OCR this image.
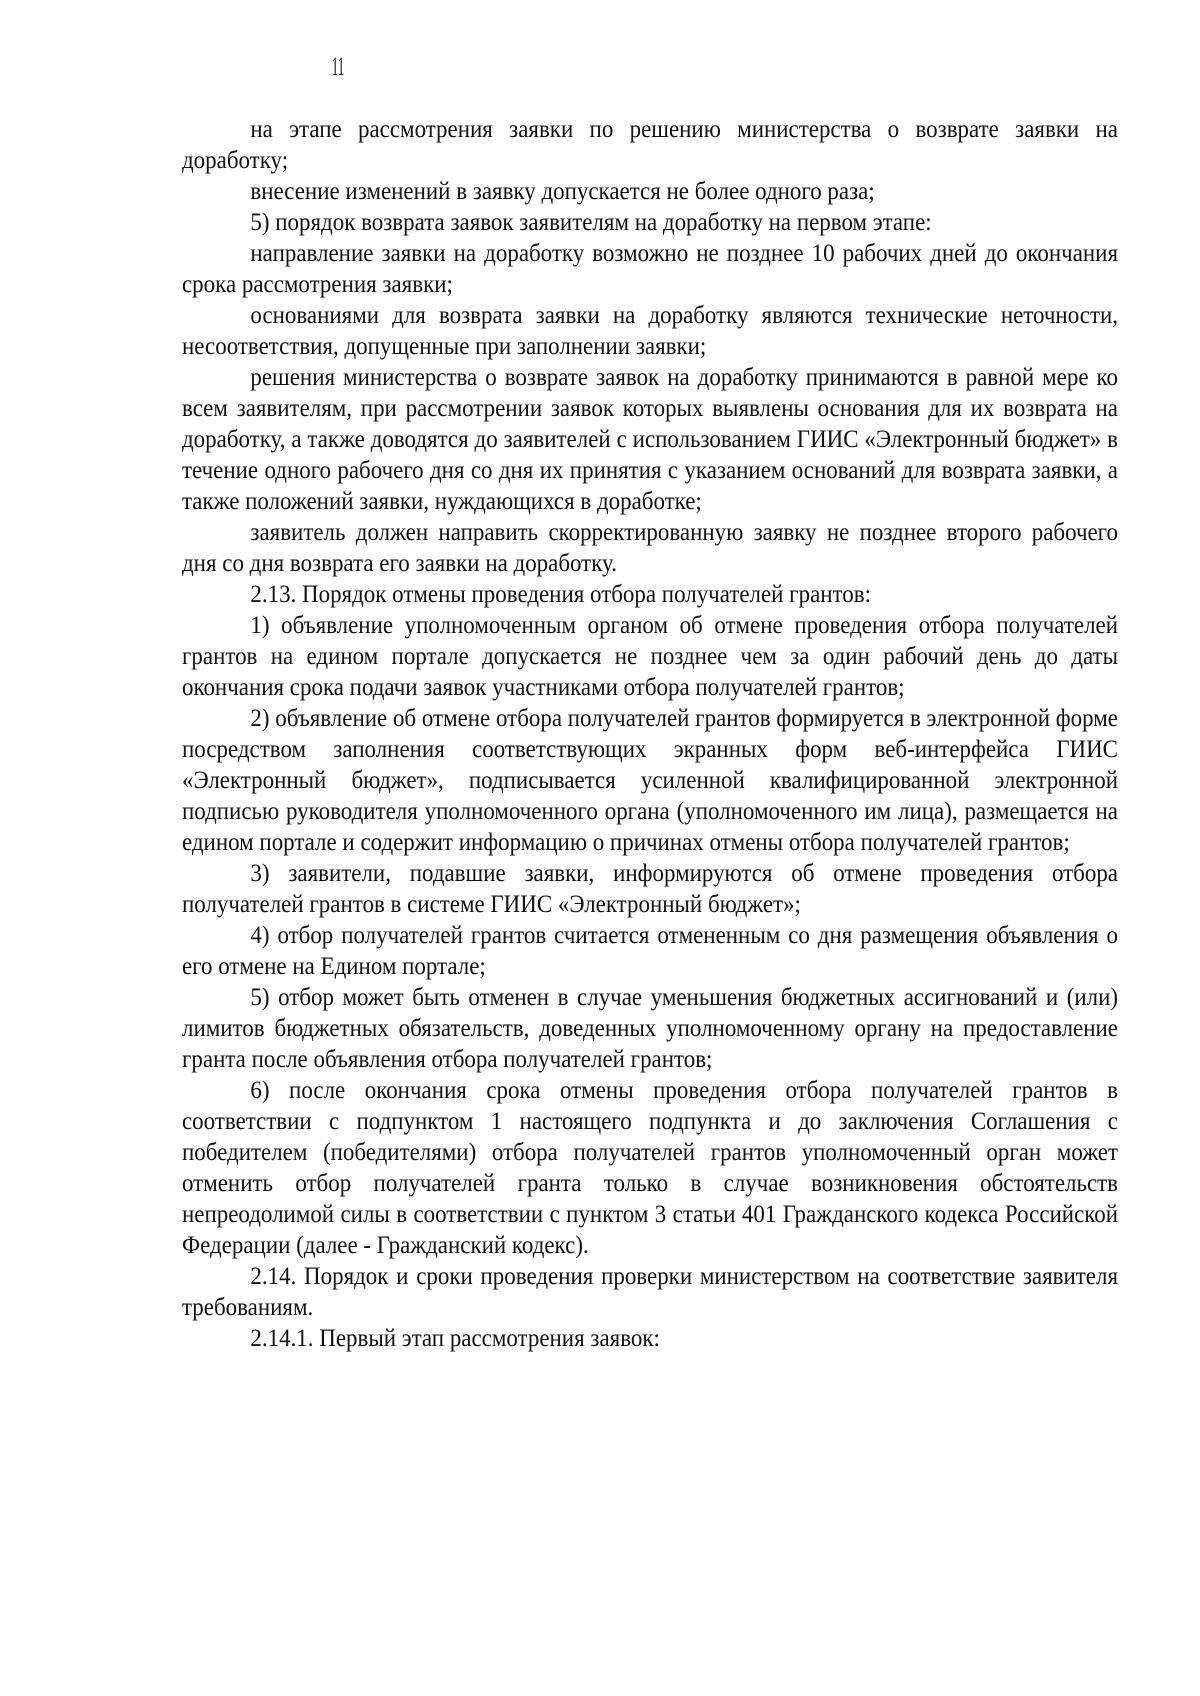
11

на этапе рассмотрения заявки по решению министерства о возврате заявки на доработку;

внесение изменений в заявку допускается не более одного раза;

5) порядок возврата заявок заявителям на доработку на первом этапе:

направление заявки на доработку возможно не позднее 10 рабочих дней до окончания срока рассмотрения заявки;

основаниями для возврата заявки на доработку являются технические неточности, несоответствия, допущенные при заполнении заявки;

решения министерства о возврате заявок на доработку принимаются в равной мере ко всем заявителям, при рассмотрении заявок которых выявлены основания для их возврата на доработку, а также доводятся до заявителей с использованием ГИИС «Электронный бюджет» в течение одного рабочего дня со дня их принятия с указанием оснований для возврата заявки, а также положений заявки, нуждающихся в доработке;

заявитель должен направить скорректированную заявку не позднее второго рабочего дня со дня возврата его заявки на доработку.

2.13. Порядок отмены проведения отбора получателей грантов:

1) объявление уполномоченным органом об отмене проведения отбора получателей грантов на едином портале допускается не позднее чем за один рабочий день до даты окончания срока подачи заявок участниками отбора получателей грантов;

2) объявление об отмене отбора получателей грантов формируется в электронной форме посредством заполнения соответствующих экранных форм веб-интерфейса ГИИС «Электронный бюджет», подписывается усиленной квалифицированной электронной подписью руководителя уполномоченного органа (уполномоченного им лица), размещается на едином портале и содержит информацию о причинах отмены отбора получателей грантов;

3) заявители, подавшие заявки, информируются об отмене проведения отбора получателей грантов в системе ГИИС «Электронный бюджет»;

4) отбор получателей грантов считается отмененным со дня размещения объявления о его отмене на Едином портале;

5) отбор может быть отменен в случае уменьшения бюджетных ассигнований и (или) лимитов бюджетных обязательств, доведенных уполномоченному органу на предоставление гранта после объявления отбора получателей грантов;

6) после окончания срока отмены проведения отбора получателей грантов в соответствии с подпунктом 1 настоящего подпункта и до заключения Соглашения с победителем (победителями) отбора получателей грантов уполномоченный орган может отменить отбор получателей гранта только в случае возникновения обстоятельств непреодолимой силы в соответствии с пунктом 3 статьи 401 Гражданского кодекса Российской Федерации (далее - Гражданский кодекс).

2.14. Порядок и сроки проведения проверки министерством на соответствие заявителя требованиям.

2.14.1. Первый этап рассмотрения заявок:
